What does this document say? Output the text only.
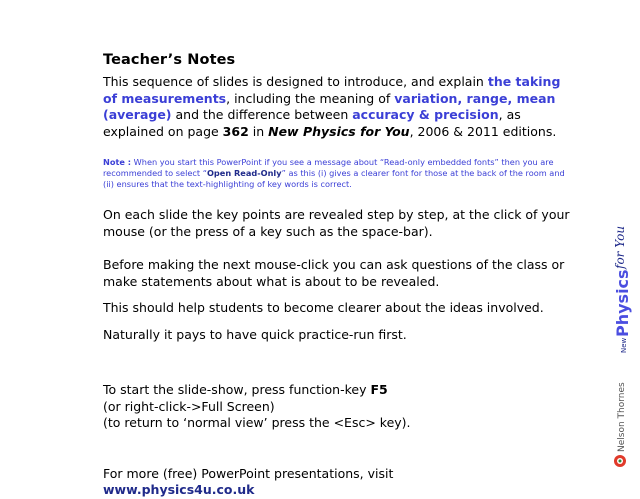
Teacher’s Notes

This sequence of slides is designed to introduce, and explain the taking of measurements, including the meaning of variation, range, mean (average) and the difference between accuracy & precision, as explained on page 362 in New Physics for You, 2006 & 2011 editions.

Note : When you start this PowerPoint if you see a message about “Read-only embedded fonts” then you are recommended to select “Open Read-Only” as this (i) gives a clearer font for those at the back of the room and (ii) ensures that the text-highlighting of key words is correct.

On each slide the key points are revealed step by step, at the click of your mouse (or the press of a key such as the space-bar).

Before making the next mouse-click you can ask questions of the class or make statements about what is about to be revealed.

This should help students to become clearer about the ideas involved.

Naturally it pays to have quick practice-run first.

To start the slide-show, press function-key F5

(or right-click->Full Screen)

(to return to ‘normal view’ press the <Esc> key).

For more (free) PowerPoint presentations, visit

www.physics4u.co.uk

New
Physics
for You
Nelson Thornes
